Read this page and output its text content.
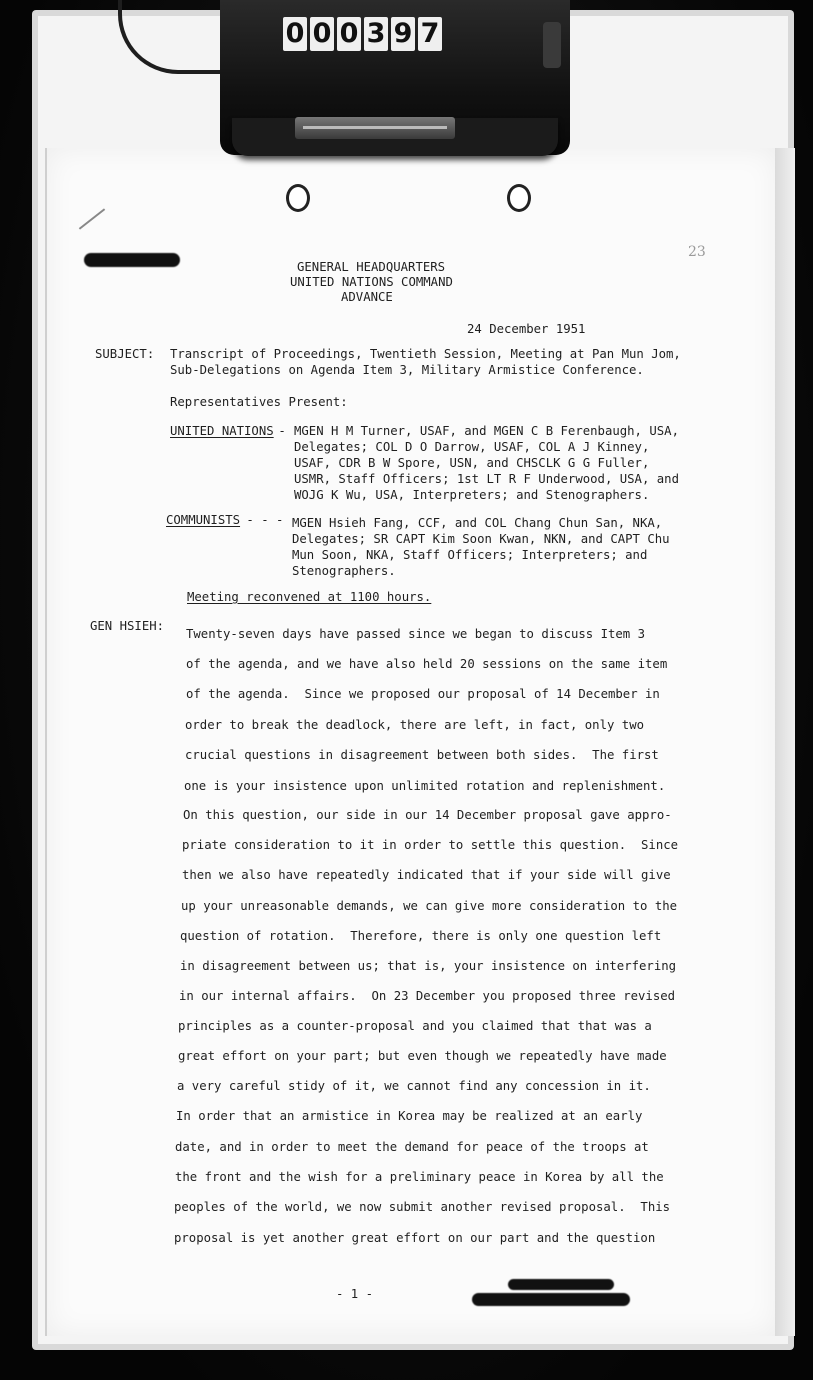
0 0 0 3 9 7
23
GENERAL HEADQUARTERS
UNITED NATIONS COMMAND
ADVANCE
24 December 1951
SUBJECT: Transcript of Proceedings, Twentieth Session, Meeting at Pan Mun Jom,
Sub-Delegations on Agenda Item 3, Military Armistice Conference.
Representatives Present:
UNITED NATIONS
- MGEN H M Turner, USAF, and MGEN C B Ferenbaugh, USA,
Delegates; COL D O Darrow, USAF, COL A J Kinney,
USAF, CDR B W Spore, USN, and CHSCLK G G Fuller,
USMR, Staff Officers; 1st LT R F Underwood, USA, and
WOJG K Wu, USA, Interpreters; and Stenographers.
COMMUNISTS
- - - MGEN Hsieh Fang, CCF, and COL Chang Chun San, NKA,
Delegates; SR CAPT Kim Soon Kwan, NKN, and CAPT Chu
Mun Soon, NKA, Staff Officers; Interpreters; and
Stenographers.
Meeting reconvened at 1100 hours.
GEN HSIEH:
Twenty-seven days have passed since we began to discuss Item 3
of the agenda, and we have also held 20 sessions on the same item
of the agenda.  Since we proposed our proposal of 14 December in
order to break the deadlock, there are left, in fact, only two
crucial questions in disagreement between both sides.  The first
one is your insistence upon unlimited rotation and replenishment.
On this question, our side in our 14 December proposal gave appro-
priate consideration to it in order to settle this question.  Since
then we also have repeatedly indicated that if your side will give
up your unreasonable demands, we can give more consideration to the
question of rotation.  Therefore, there is only one question left
in disagreement between us; that is, your insistence on interfering
in our internal affairs.  On 23 December you proposed three revised
principles as a counter-proposal and you claimed that that was a
great effort on your part; but even though we repeatedly have made
a very careful stidy of it, we cannot find any concession in it.
In order that an armistice in Korea may be realized at an early
date, and in order to meet the demand for peace of the troops at
the front and the wish for a preliminary peace in Korea by all the
peoples of the world, we now submit another revised proposal.  This
proposal is yet another great effort on our part and the question
- 1 -
